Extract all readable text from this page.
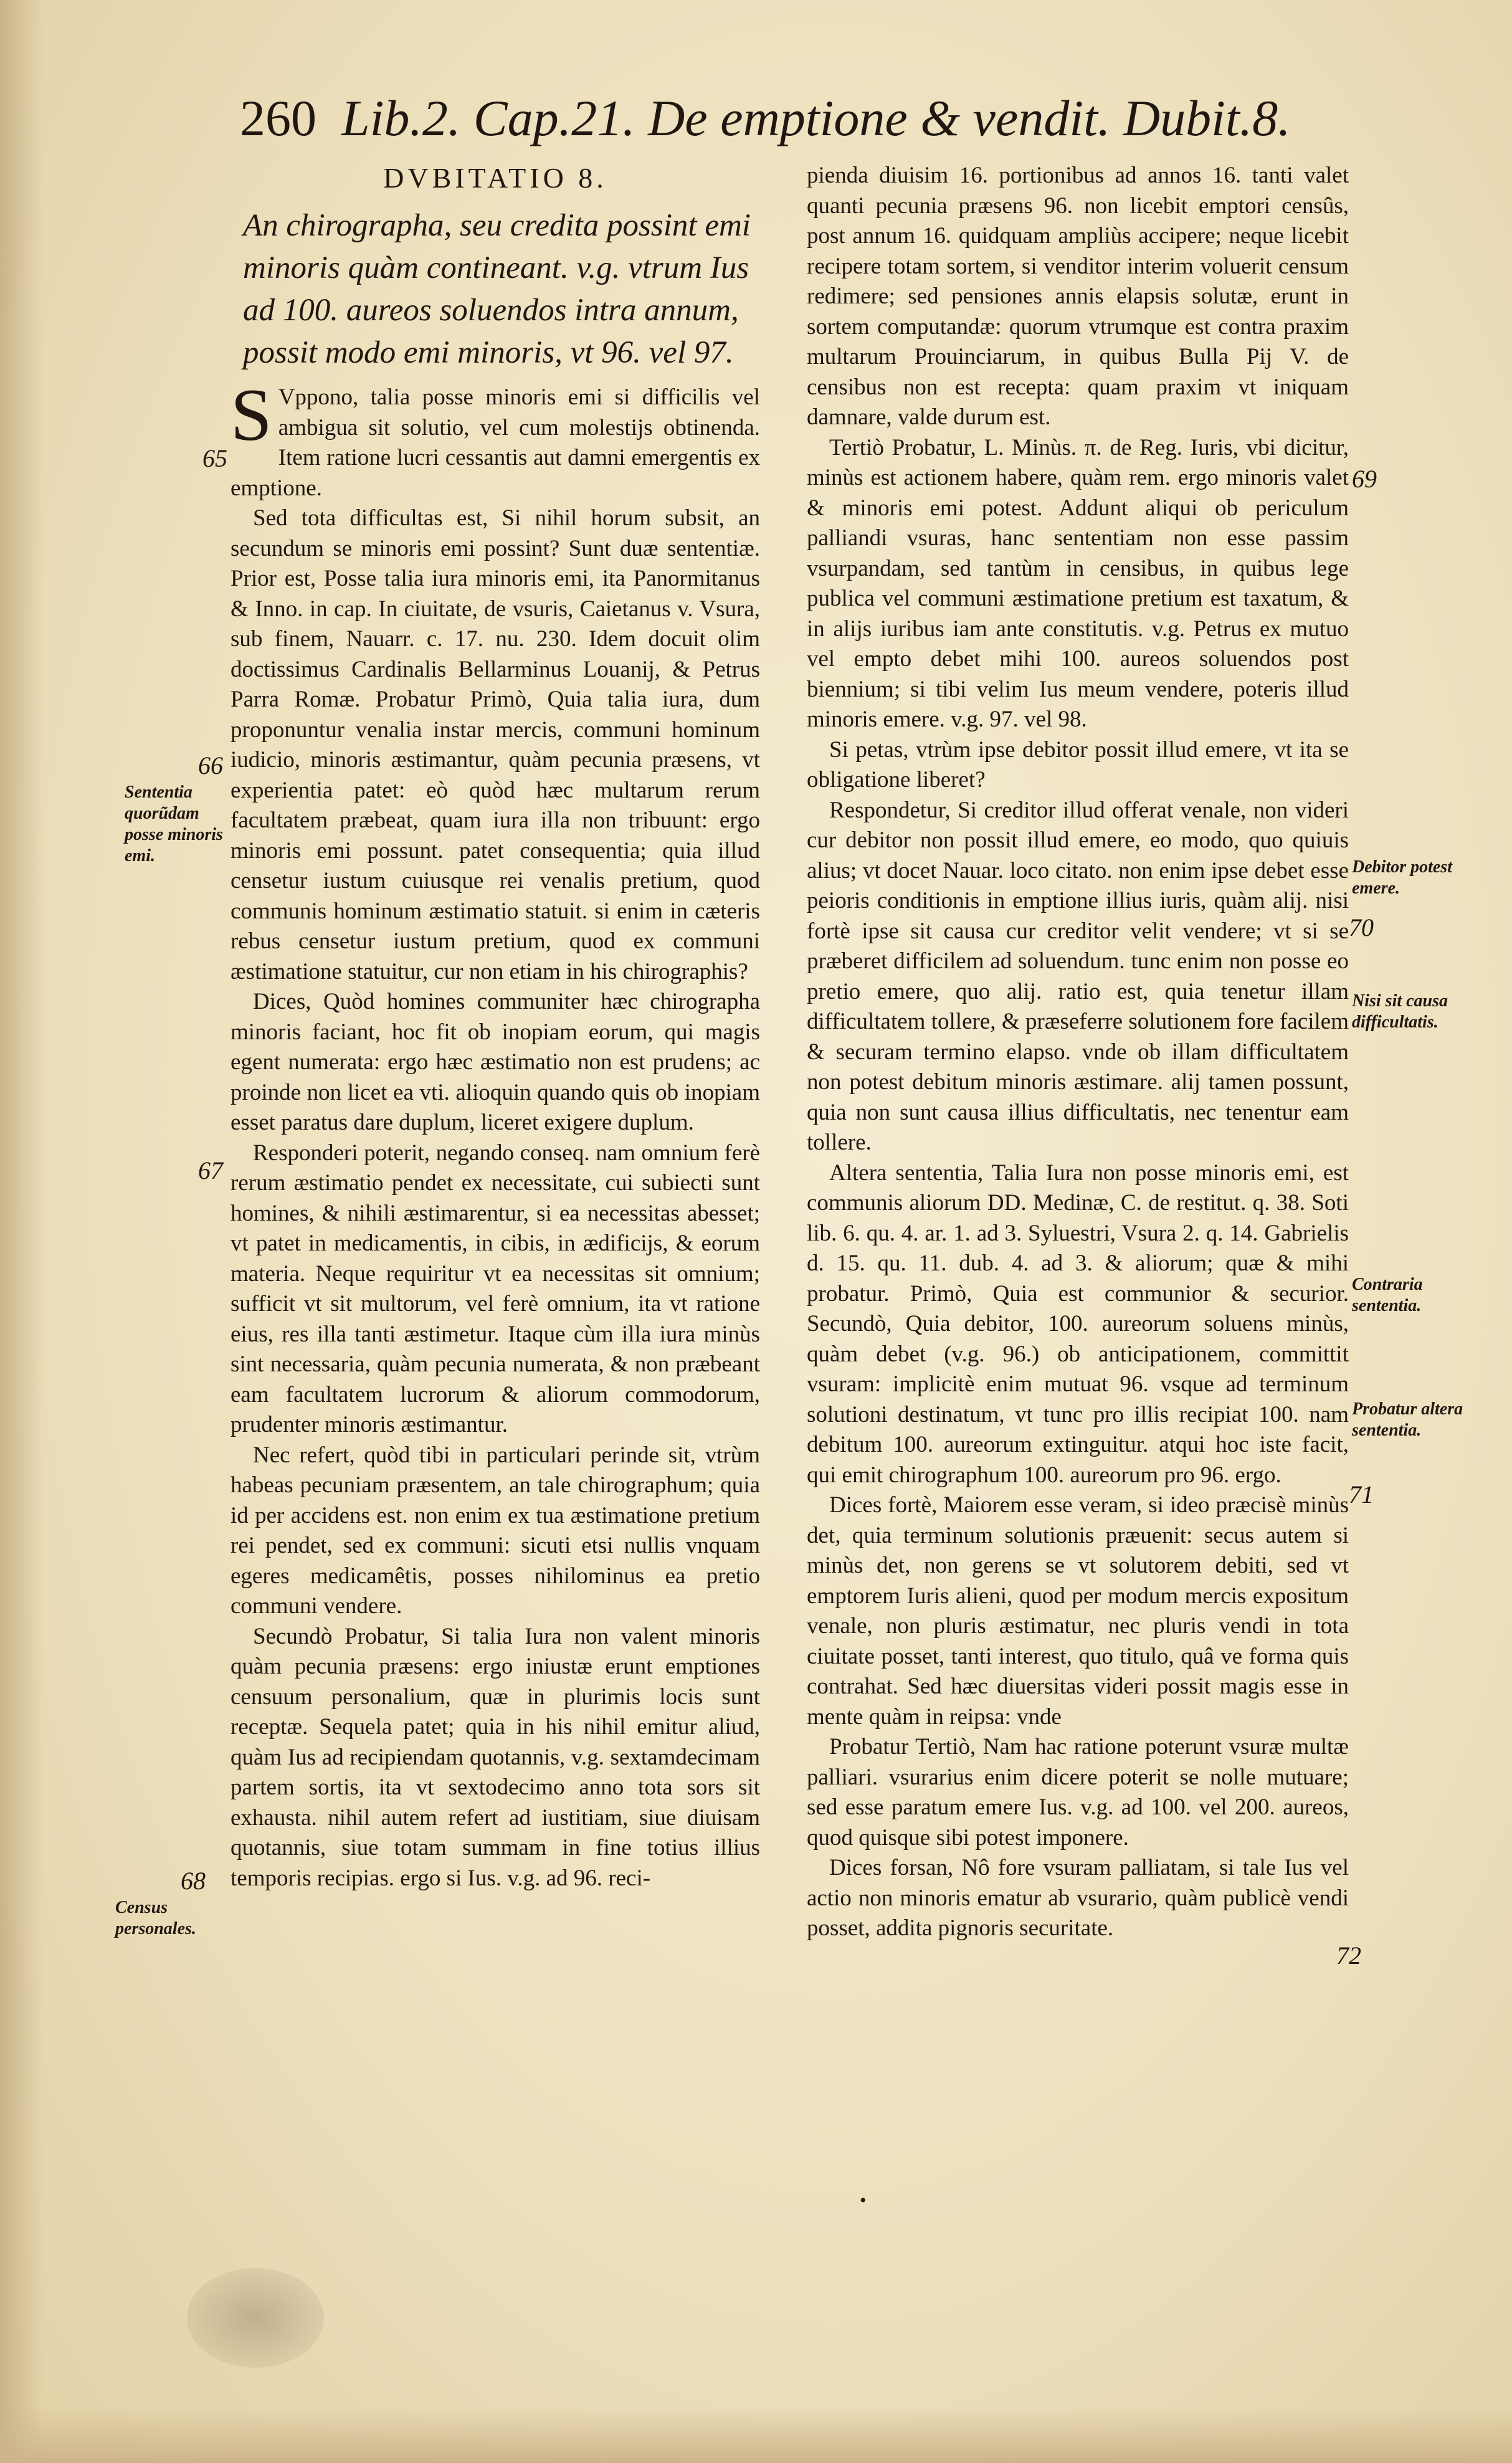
260 Lib.2. Cap.21. De emptione & vendit. Dubit.8.
DVBITATIO 8.
An chirographa, seu credita possint emi minoris quàm contineant. v.g. vtrum Ius ad 100. aureos soluendos intra annum, possit modo emi minoris, vt 96. vel 97.

S Vppono, talia posse minoris emi si difficilis vel ambigua sit solutio, vel cum molestijs obtinenda. Item ratione lucri cessantis aut damni emergentis ex emptione.

Sed tota difficultas est, Si nihil horum subsit, an secundum se minoris emi possint? Sunt duæ sententiæ. Prior est, Posse talia iura minoris emi, ita Panormitanus & Inno. in cap. In ciuitate, de vsuris, Caietanus v. Vsura, sub finem, Nauarr. c. 17. nu. 230. Idem docuit olim doctissimus Cardinalis Bellarminus Louanij, & Petrus Parra Romæ. Probatur Primò, Quia talia iura, dum proponuntur venalia instar mercis, communi hominum iudicio, minoris æstimantur, quàm pecunia præsens, vt experientia patet: eò quòd hæc multarum rerum facultatem præbeat, quam iura illa non tribuunt: ergo minoris emi possunt. patet consequentia; quia illud censetur iustum cuiusque rei venalis pretium, quod communis hominum æstimatio statuit. si enim in cæteris rebus censetur iustum pretium, quod ex communi æstimatione statuitur, cur non etiam in his chirographis?

Dices, Quòd homines communiter hæc chirographa minoris faciant, hoc fit ob inopiam eorum, qui magis egent numerata: ergo hæc æstimatio non est prudens; ac proinde non licet ea vti. alioquin quando quis ob inopiam esset paratus dare duplum, liceret exigere duplum.

Responderi poterit, negando conseq. nam omnium ferè rerum æstimatio pendet ex necessitate, cui subiecti sunt homines, & nihili æstimarentur, si ea necessitas abesset; vt patet in medicamentis, in cibis, in ædificijs, & eorum materia. Neque requiritur vt ea necessitas sit omnium; sufficit vt sit multorum, vel ferè omnium, ita vt ratione eius, res illa tanti æstimetur. Itaque cùm illa iura minùs sint necessaria, quàm pecunia numerata, & non præbeant eam facultatem lucrorum & aliorum commodorum, prudenter minoris æstimantur.

Nec refert, quòd tibi in particulari perinde sit, vtrùm habeas pecuniam præsentem, an tale chirographum; quia id per accidens est. non enim ex tua æstimatione pretium rei pendet, sed ex communi: sicuti etsi nullis vnquam egeres medicamêtis, posses nihilominus ea pretio communi vendere.

Secundò Probatur, Si talia Iura non valent minoris quàm pecunia præsens: ergo iniustæ erunt emptiones censuum personalium, quæ in plurimis locis sunt receptæ. Sequela patet; quia in his nihil emitur aliud, quàm Ius ad recipiendam quotannis, v.g. sextamdecimam partem sortis, ita vt sextodecimo anno tota sors sit exhausta. nihil autem refert ad iustitiam, siue diuisam quotannis, siue totam summam in fine totius illius temporis recipias. ergo si Ius. v.g. ad 96. reci-

pienda diuisim 16. portionibus ad annos 16. tanti valet quanti pecunia præsens 96. non licebit emptori censûs, post annum 16. quidquam ampliùs accipere; neque licebit recipere totam sortem, si venditor interim voluerit censum redimere; sed pensiones annis elapsis solutæ, erunt in sortem computandæ: quorum vtrumque est contra praxim multarum Prouinciarum, in quibus Bulla Pij V. de censibus non est recepta: quam praxim vt iniquam damnare, valde durum est.

Tertiò Probatur, L. Minùs. π. de Reg. Iuris, vbi dicitur, minùs est actionem habere, quàm rem. ergo minoris valet & minoris emi potest. Addunt aliqui ob periculum palliandi vsuras, hanc sententiam non esse passim vsurpandam, sed tantùm in censibus, in quibus lege publica vel communi æstimatione pretium est taxatum, & in alijs iuribus iam ante constitutis. v.g. Petrus ex mutuo vel empto debet mihi 100. aureos soluendos post biennium; si tibi velim Ius meum vendere, poteris illud minoris emere. v.g. 97. vel 98.

Si petas, vtrùm ipse debitor possit illud emere, vt ita se obligatione liberet?

Respondetur, Si creditor illud offerat venale, non videri cur debitor non possit illud emere, eo modo, quo quiuis alius; vt docet Nauar. loco citato. non enim ipse debet esse peioris conditionis in emptione illius iuris, quàm alij. nisi fortè ipse sit causa cur creditor velit vendere; vt si se præberet difficilem ad soluendum. tunc enim non posse eo pretio emere, quo alij. ratio est, quia tenetur illam difficultatem tollere, & præseferre solutionem fore facilem & securam termino elapso. vnde ob illam difficultatem non potest debitum minoris æstimare. alij tamen possunt, quia non sunt causa illius difficultatis, nec tenentur eam tollere.

Altera sententia, Talia Iura non posse minoris emi, est communis aliorum DD. Medinæ, C. de restitut. q. 38. Soti lib. 6. qu. 4. ar. 1. ad 3. Syluestri, Vsura 2. q. 14. Gabrielis d. 15. qu. 11. dub. 4. ad 3. & aliorum; quæ & mihi probatur. Primò, Quia est communior & securior. Secundò, Quia debitor, 100. aureorum soluens minùs, quàm debet (v.g. 96.) ob anticipationem, committit vsuram: implicitè enim mutuat 96. vsque ad terminum solutioni destinatum, vt tunc pro illis recipiat 100. nam debitum 100. aureorum extinguitur. atqui hoc iste facit, qui emit chirographum 100. aureorum pro 96. ergo.

Dices fortè, Maiorem esse veram, si ideo præcisè minùs det, quia terminum solutionis præuenit: secus autem si minùs det, non gerens se vt solutorem debiti, sed vt emptorem Iuris alieni, quod per modum mercis expositum venale, non pluris æstimatur, nec pluris vendi in tota ciuitate posset, tanti interest, quo titulo, quâ ve forma quis contrahat. Sed hæc diuersitas videri possit magis esse in mente quàm in reipsa: vnde

Probatur Tertiò, Nam hac ratione poterunt vsuræ multæ palliari. vsurarius enim dicere poterit se nolle mutuare; sed esse paratum emere Ius. v.g. ad 100. vel 200. aureos, quod quisque sibi potest imponere.

Dices forsan, Nô fore vsuram palliatam, si tale Ius vel actio non minoris ematur ab vsurario, quàm publicè vendi posset, addita pignoris securitate.

65
66
Sententia quorũdam posse minoris emi.
67
68
Census personales.
69
Debitor potest emere.
70
Nisi sit causa difficultatis.
Contraria sententia.
Probatur altera sententia.
71
72
•
